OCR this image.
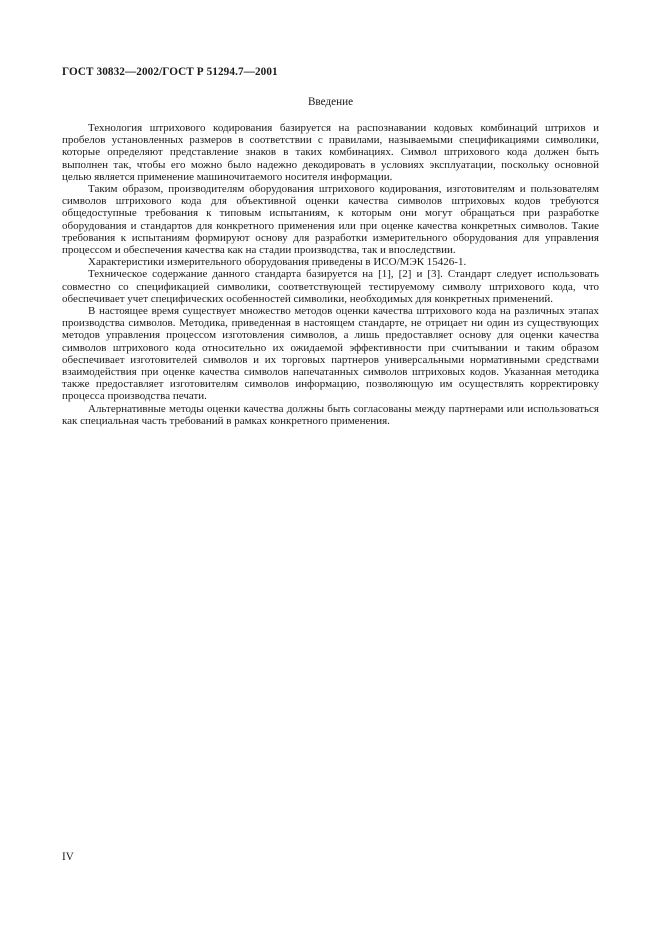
ГОСТ 30832—2002/ГОСТ Р 51294.7—2001
Введение

Технология штрихового кодирования базируется на распознавании кодовых комбинаций штрихов и пробелов установленных размеров в соответствии с правилами, называемыми спецификациями символики, которые определяют представление знаков в таких комбинациях. Символ штрихового кода должен быть выполнен так, чтобы его можно было надежно декодировать в условиях эксплуатации, поскольку основной целью является применение машиночитаемого носителя информации.

Таким образом, производителям оборудования штрихового кодирования, изготовителям и пользователям символов штрихового кода для объективной оценки качества символов штриховых кодов требуются общедоступные требования к типовым испытаниям, к которым они могут обращаться при разработке оборудования и стандартов для конкретного применения или при оценке качества конкретных символов. Такие требования к испытаниям формируют основу для разработки измерительного оборудования для управления процессом и обеспечения качества как на стадии производства, так и впоследствии.

Характеристики измерительного оборудования приведены в ИСО/МЭК 15426-1.

Техническое содержание данного стандарта базируется на [1], [2] и [3]. Стандарт следует использовать совместно со спецификацией символики, соответствующей тестируемому символу штрихового кода, что обеспечивает учет специфических особенностей символики, необходимых для конкретных применений.

В настоящее время существует множество методов оценки качества штрихового кода на различных этапах производства символов. Методика, приведенная в настоящем стандарте, не отрицает ни один из существующих методов управления процессом изготовления символов, а лишь предоставляет основу для оценки качества символов штрихового кода относительно их ожидаемой эффективности при считывании и таким образом обеспечивает изготовителей символов и их торговых партнеров универсальными нормативными средствами взаимодействия при оценке качества символов напечатанных символов штриховых кодов. Указанная методика также предоставляет изготовителям символов информацию, позволяющую им осуществлять корректировку процесса производства печати.

Альтернативные методы оценки качества должны быть согласованы между партнерами или использоваться как специальная часть требований в рамках конкретного применения.

IV
